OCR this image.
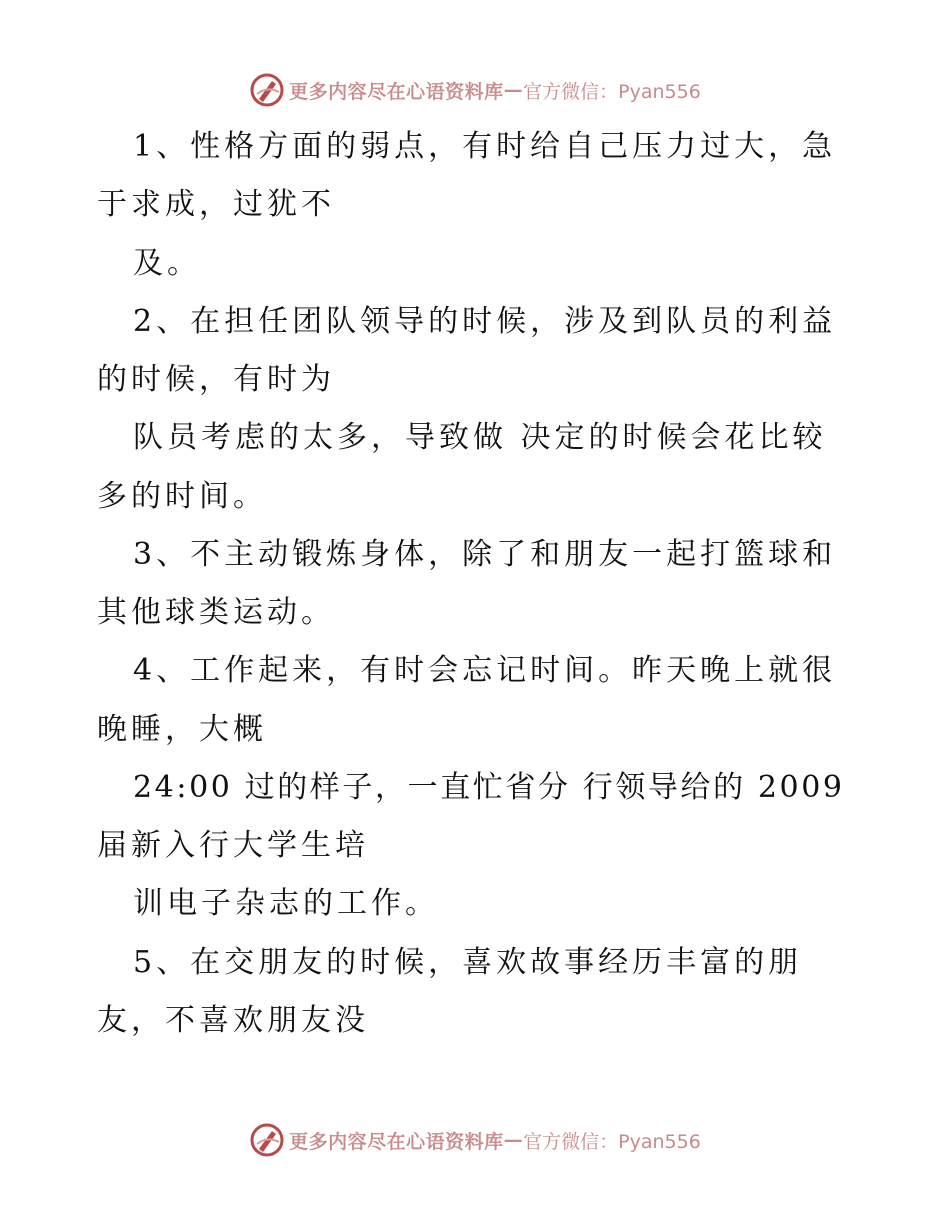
更多内容尽在心语资料库 — 官方微信：Pyan556
1、性格方面的弱点，有时给自己压力过大，急
于求成，过犹不
及。
2、在担任团队领导的时候，涉及到队员的利益
的时候，有时为
队员考虑的太多，导致做 决定的时候会花比较
多的时间。
3、不主动锻炼身体，除了和朋友一起打篮球和
其他球类运动。
4、工作起来，有时会忘记时间。昨天晚上就很
晚睡，大概
24:00 过的样子，一直忙省分 行领导给的 2009
届新入行大学生培
训电子杂志的工作。
5、在交朋友的时候，喜欢故事经历丰富的朋
友，不喜欢朋友没
更多内容尽在心语资料库 — 官方微信：Pyan556
